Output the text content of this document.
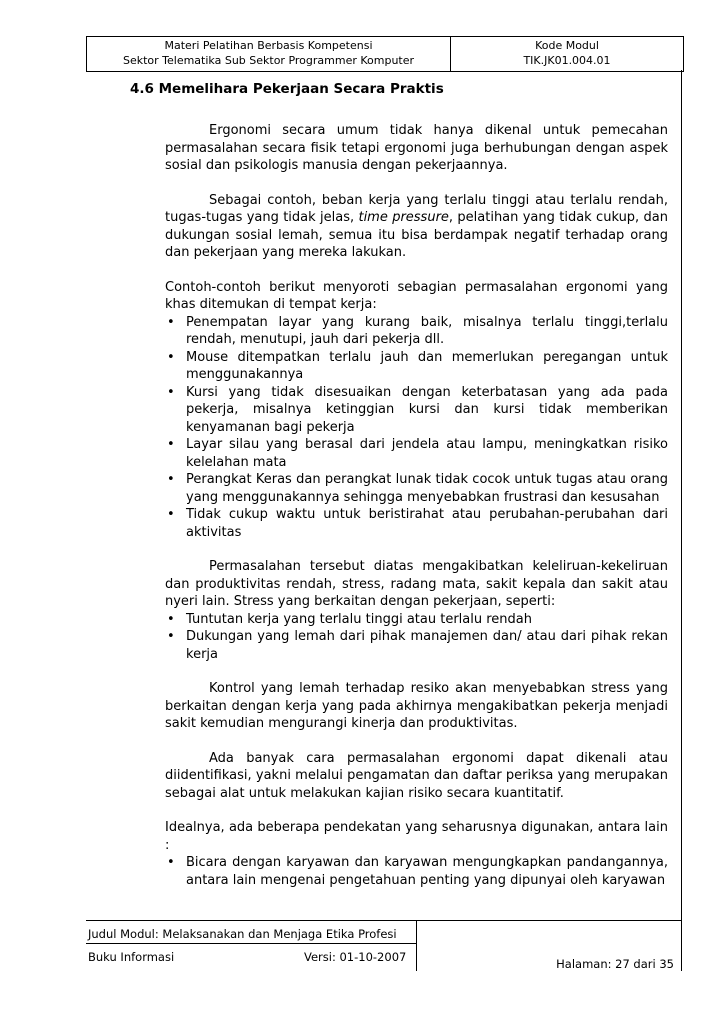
Materi Pelatihan Berbasis Kompetensi
Sektor Telematika Sub Sektor Programmer Komputer
Kode Modul
TIK.JK01.004.01
4.6 Memelihara Pekerjaan Secara Praktis

Ergonomi secara umum tidak hanya dikenal untuk pemecahan permasalahan secara fisik tetapi ergonomi juga berhubungan dengan aspek sosial dan psikologis manusia dengan pekerjaannya.

Sebagai contoh, beban kerja yang terlalu tinggi atau terlalu rendah, tugas-tugas yang tidak jelas, time pressure, pelatihan yang tidak cukup, dan dukungan sosial lemah, semua itu bisa berdampak negatif terhadap orang dan pekerjaan yang mereka lakukan.

Contoh-contoh berikut menyoroti sebagian permasalahan ergonomi yang khas ditemukan di tempat kerja:

• Penempatan layar yang kurang baik, misalnya terlalu tinggi,terlalu rendah, menutupi, jauh dari pekerja dll.
• Mouse ditempatkan terlalu jauh dan memerlukan peregangan untuk menggunakannya
• Kursi yang tidak disesuaikan dengan keterbatasan yang ada pada pekerja, misalnya ketinggian kursi dan kursi tidak memberikan kenyamanan bagi pekerja
• Layar silau yang berasal dari jendela atau lampu, meningkatkan risiko kelelahan mata
• Perangkat Keras dan perangkat lunak tidak cocok untuk tugas atau orang yang menggunakannya sehingga menyebabkan frustrasi dan kesusahan
• Tidak cukup waktu untuk beristirahat atau perubahan-perubahan dari aktivitas

Permasalahan tersebut diatas mengakibatkan keleliruan-kekeliruan dan produktivitas rendah, stress, radang mata, sakit kepala dan sakit atau nyeri lain. Stress yang berkaitan dengan pekerjaan, seperti:

• Tuntutan kerja yang terlalu tinggi atau terlalu rendah
• Dukungan yang lemah dari pihak manajemen dan/ atau dari pihak rekan kerja

Kontrol yang lemah terhadap resiko akan menyebabkan stress yang berkaitan dengan kerja yang pada akhirnya mengakibatkan pekerja menjadi sakit kemudian mengurangi kinerja dan produktivitas.

Ada banyak cara permasalahan ergonomi dapat dikenali atau diidentifikasi, yakni melalui pengamatan dan daftar periksa yang merupakan sebagai alat untuk melakukan kajian risiko secara kuantitatif.

Idealnya, ada beberapa pendekatan yang seharusnya digunakan, antara lain :

• Bicara dengan karyawan dan karyawan mengungkapkan pandangannya, antara lain mengenai pengetahuan penting yang dipunyai oleh karyawan
Judul Modul: Melaksanakan dan Menjaga Etika Profesi
Buku Informasi	Versi: 01-10-2007	Halaman: 27 dari 35
